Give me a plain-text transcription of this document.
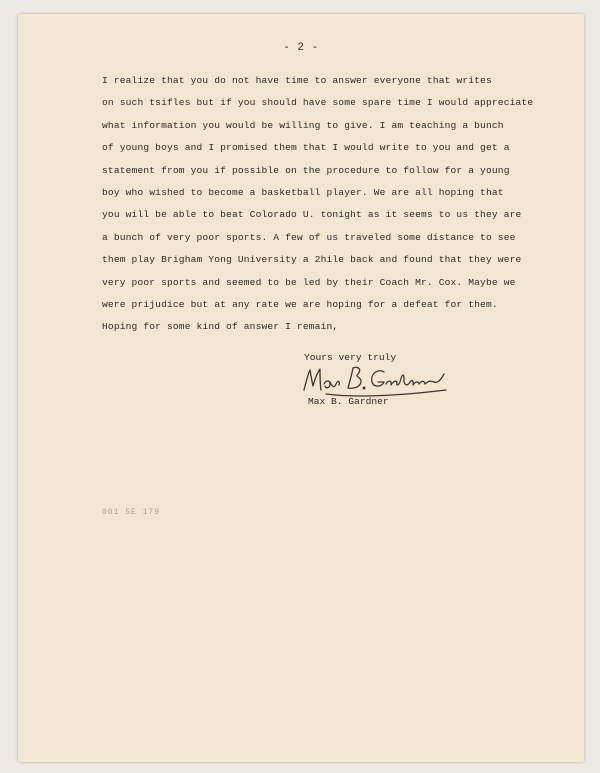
- 2 -
I realize that you do not have time to answer everyone that writes
on such tsifles but if you should have some spare time I would appreciate
what information you would be willing to give. I am teaching a bunch
of young boys and I promised them that I would write to you and get a
statement from you if possible on the procedure to follow for a young
boy who wished to become a basketball player. We are all hoping that
you will be able to beat Colorado U. tonight as it seems to us they are
a bunch of very poor sports. A few of us traveled some distance to see
them play Brigham Yong University a 2hile back and found that they were
very poor sports and seemed to be led by their Coach Mr. Cox. Maybe we
were prijudice but at any rate we are hoping for a defeat for them.
Hoping for some kind of answer I remain,
Yours very truly
Max B. Gardner
001 5E 179
